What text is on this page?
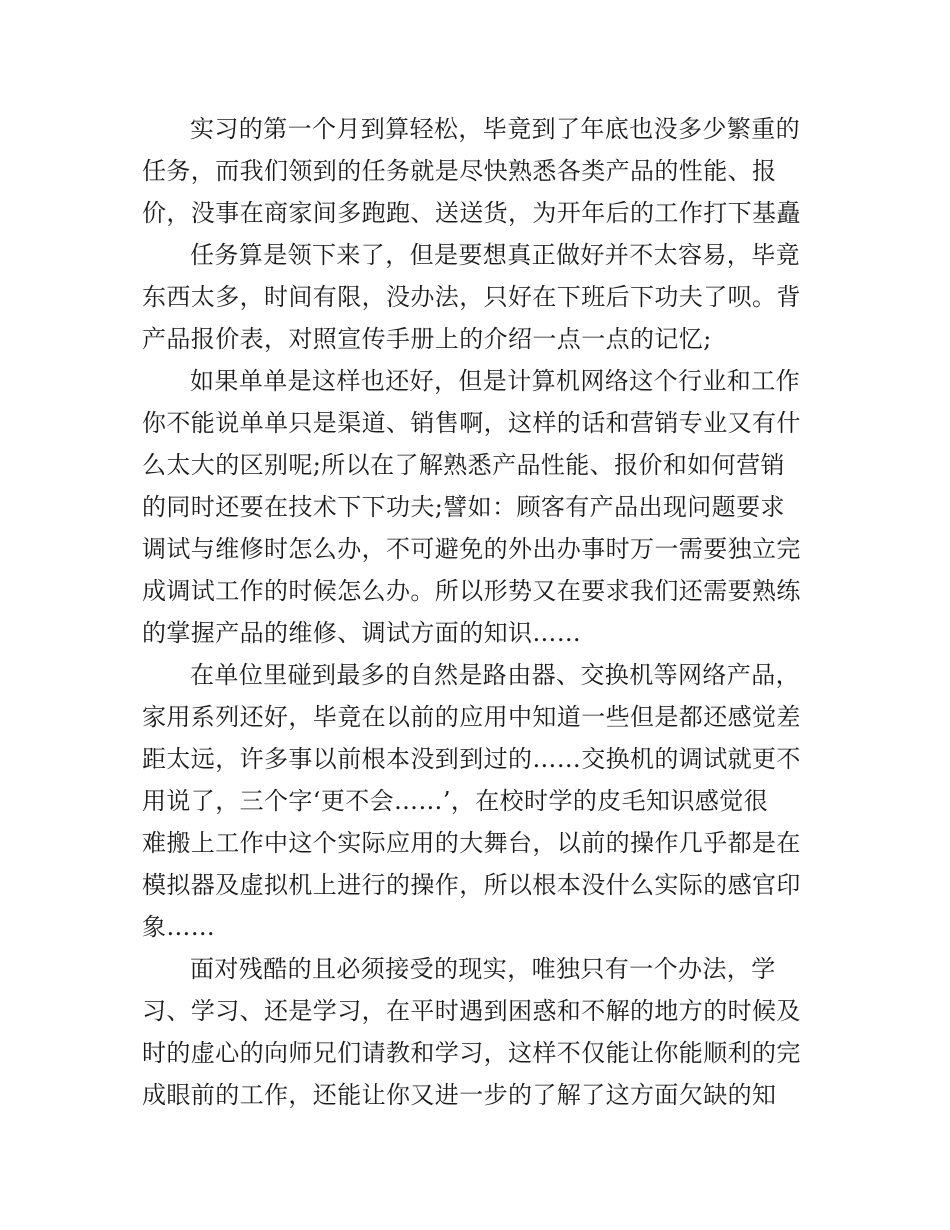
实习的第一个月到算轻松，毕竟到了年底也没多少繁重的
任务，而我们领到的任务就是尽快熟悉各类产品的性能、报
价，没事在商家间多跑跑、送送货，为开年后的工作打下基矗
任务算是领下来了，但是要想真正做好并不太容易，毕竟
东西太多，时间有限，没办法，只好在下班后下功夫了呗。背
产品报价表，对照宣传手册上的介绍一点一点的记忆;
如果单单是这样也还好，但是计算机网络这个行业和工作
你不能说单单只是渠道、销售啊，这样的话和营销专业又有什
么太大的区别呢;所以在了解熟悉产品性能、报价和如何营销
的同时还要在技术下下功夫;譬如：顾客有产品出现问题要求
调试与维修时怎么办，不可避免的外出办事时万一需要独立完
成调试工作的时候怎么办。所以形势又在要求我们还需要熟练
的掌握产品的维修、调试方面的知识……
在单位里碰到最多的自然是路由器、交换机等网络产品，
家用系列还好，毕竟在以前的应用中知道一些但是都还感觉差
距太远，许多事以前根本没到到过的……交换机的调试就更不
用说了，三个字‘更不会……’，在校时学的皮毛知识感觉很
难搬上工作中这个实际应用的大舞台，以前的操作几乎都是在
模拟器及虚拟机上进行的操作，所以根本没什么实际的感官印
象……
面对残酷的且必须接受的现实，唯独只有一个办法，学
习、学习、还是学习，在平时遇到困惑和不解的地方的时候及
时的虚心的向师兄们请教和学习，这样不仅能让你能顺利的完
成眼前的工作，还能让你又进一步的了解了这方面欠缺的知
